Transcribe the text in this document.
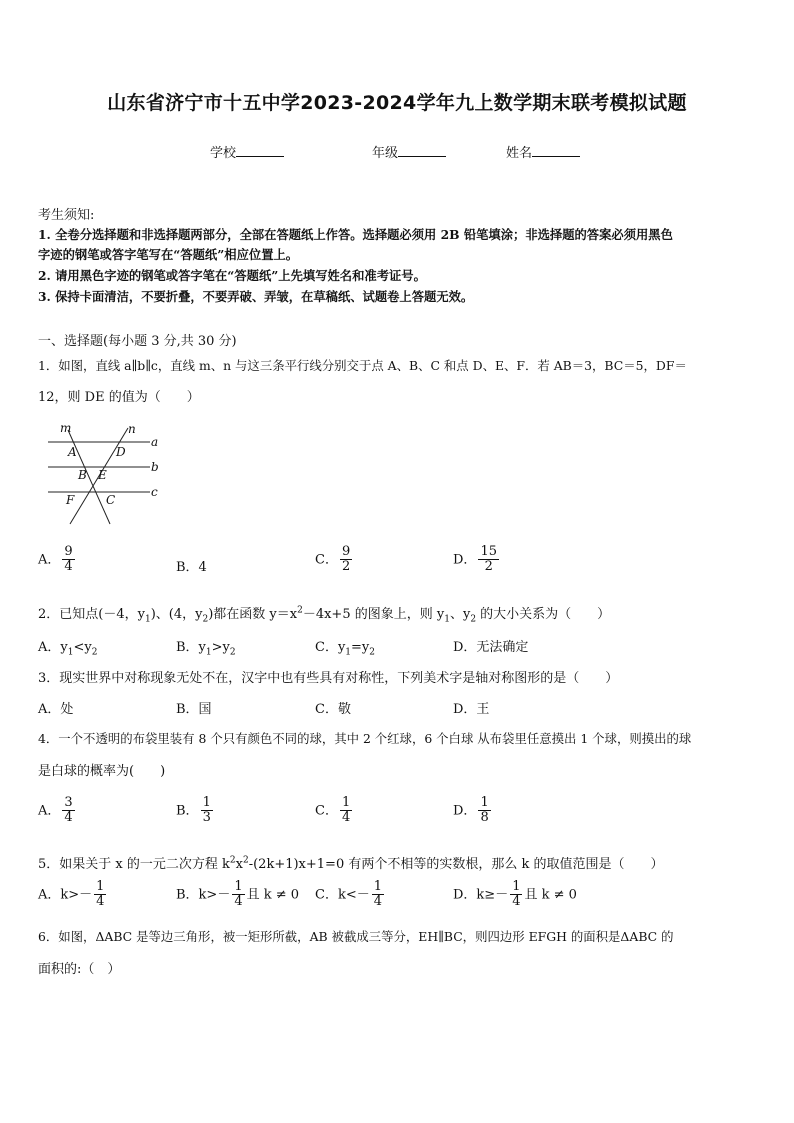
山东省济宁市十五中学2023-2024学年九上数学期末联考模拟试题
学校	年级	姓名
考生须知:
1. 全卷分选择题和非选择题两部分，全部在答题纸上作答。选择题必须用 2B 铅笔填涂；非选择题的答案必须用黑色
字迹的钢笔或答字笔写在“答题纸”相应位置上。
2. 请用黑色字迹的钢笔或答字笔在“答题纸”上先填写姓名和准考证号。
3. 保持卡面清洁，不要折叠，不要弄破、弄皱，在草稿纸、试题卷上答题无效。
一、选择题(每小题 3 分,共 30 分)
1．如图，直线 a∥b∥c，直线 m、n 与这三条平行线分别交于点 A、B、C 和点 D、E、F．若 AB＝3，BC＝5，DF＝
12，则 DE 的值为（　　）
m	n
a
b
c
A	D
B E
F	C
A． $\frac{9}{4}$	B．4
C． $\frac{9}{2}$	D． $\frac{15}{2}$
2．已知点(－4，$y_1$)、(4，$y_2$)都在函数 $y=x^2-4x+5$ 的图象上，则 $y_1$、$y_2$ 的大小关系为（　　）
A．$y_1<y_2$	B．$y_1>y_2$	C．$y_1=y_2$	D．无法确定
3．现实世界中对称现象无处不在，汉字中也有些具有对称性，下列美术字是轴对称图形的是（　　）
A．处	B．国	C．敬	D．王
4．一个不透明的布袋里装有 8 个只有颜色不同的球，其中 2 个红球，6 个白球 从布袋里任意摸出 1 个球，则摸出的球
是白球的概率为(　　)
A． $\frac{3}{4}$	B． $\frac{1}{3}$	C． $\frac{1}{4}$	D． $\frac{1}{8}$
5．如果关于 x 的一元二次方程 $k^2x^2-(2k+1)x+1=0$ 有两个不相等的实数根，那么 k 的取值范围是（　　）
A．$k>- \frac{1}{4}$	B．$k>- \frac{1}{4}$ 且 k ≠ 0 C．$k<- \frac{1}{4}$	D．$k\ge- \frac{1}{4}$ 且 k ≠ 0
6．如图，ΔABC 是等边三角形，被一矩形所截，AB 被截成三等分，EH∥BC，则四边形 EFGH 的面积是ΔABC 的
面积的:（　）
